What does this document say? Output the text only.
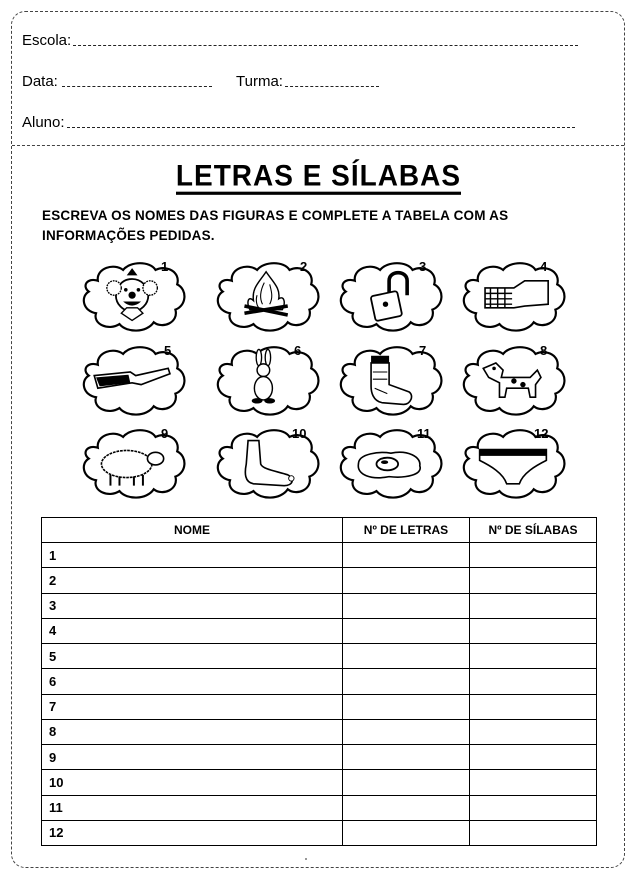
Escola:
Data:	Turma:
Aluno:
LETRAS E SÍLABAS
ESCREVA OS NOMES DAS FIGURAS E COMPLETE A TABELA COM AS
INFORMAÇÕES PEDIDAS.
1	2	3	4
5	6	7	8
9	10	11	12
NOME	Nº DE LETRAS	Nº DE SÍLABAS
1		
2		
3		
4		
5		
6		
7		
8		
9		
10		
11		
12		
